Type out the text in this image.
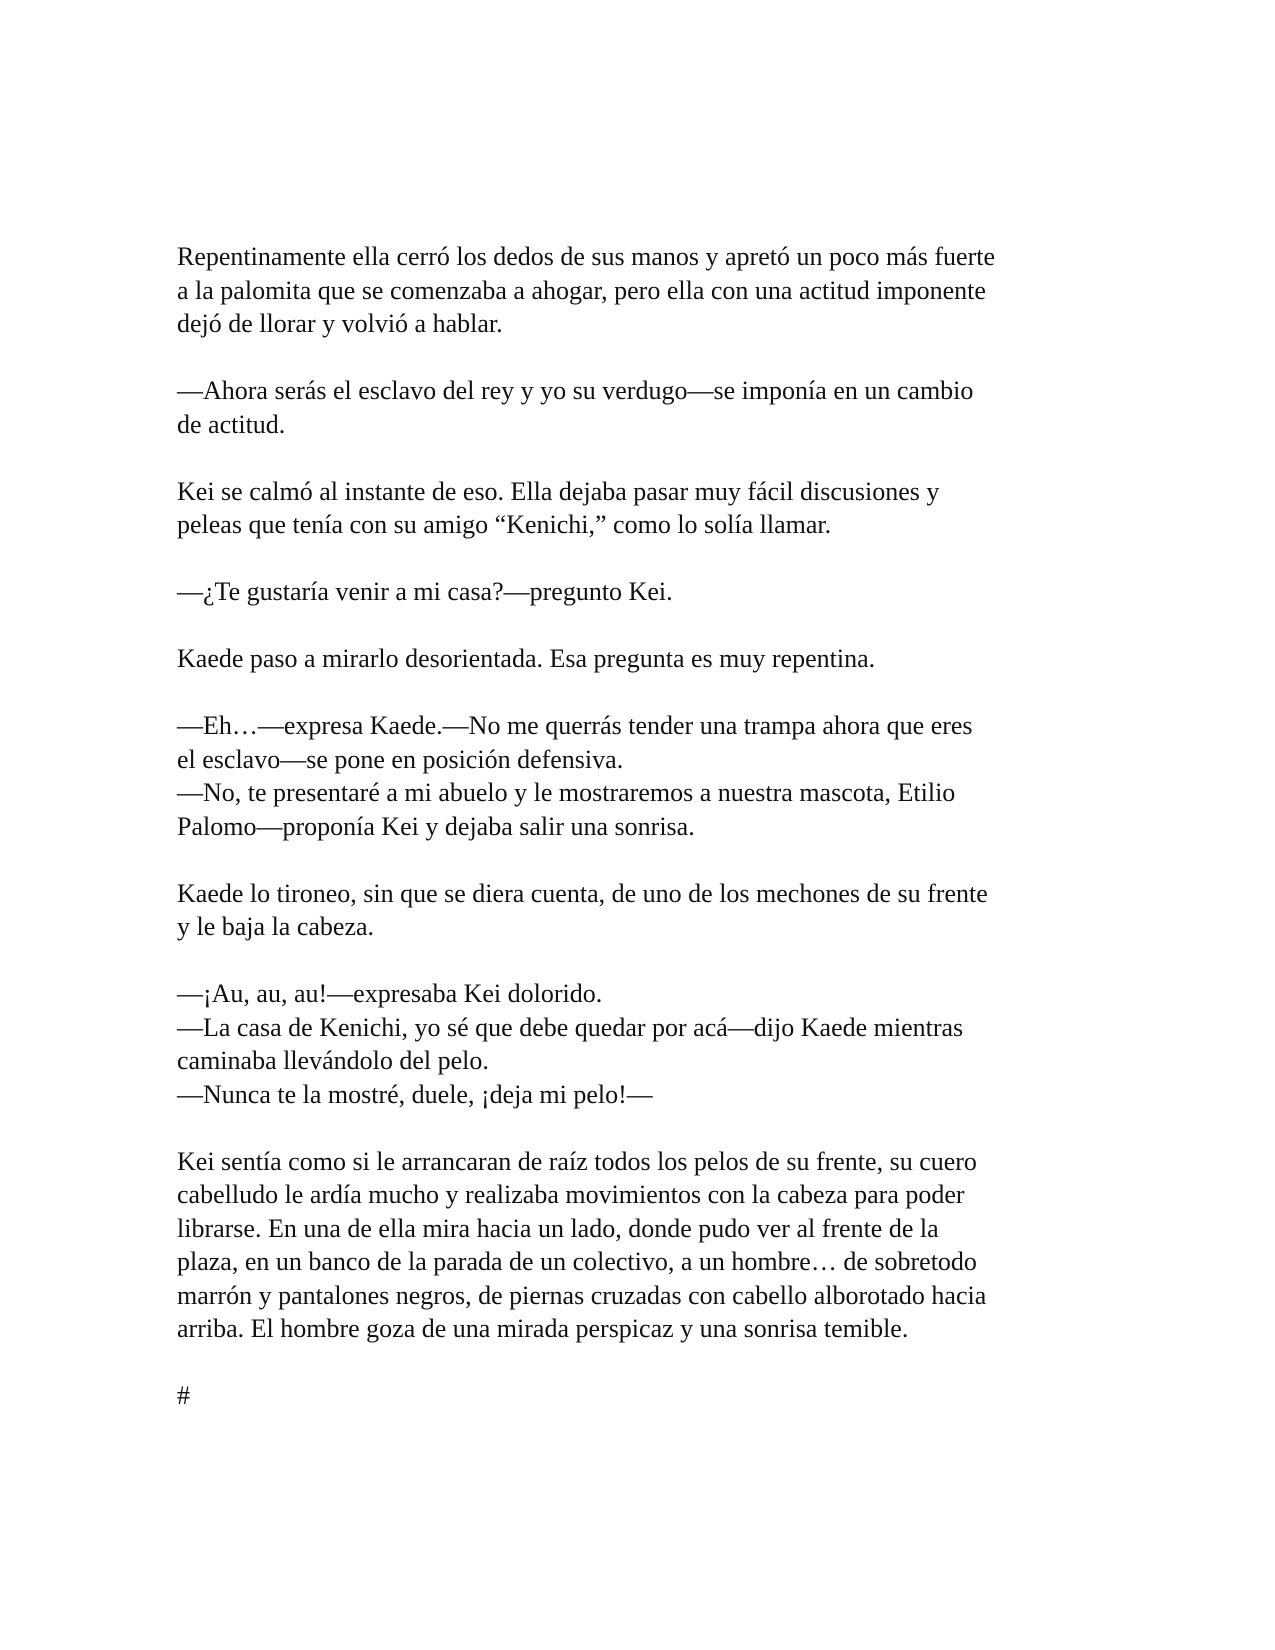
Repentinamente ella cerró los dedos de sus manos y apretó un poco más fuerte
a la palomita que se comenzaba a ahogar, pero ella con una actitud imponente
dejó de llorar y volvió a hablar.

—Ahora serás el esclavo del rey y yo su verdugo—se imponía en un cambio
de actitud.

Kei se calmó al instante de eso. Ella dejaba pasar muy fácil discusiones y
peleas que tenía con su amigo “Kenichi,” como lo solía llamar.

—¿Te gustaría venir a mi casa?—pregunto Kei.

Kaede paso a mirarlo desorientada. Esa pregunta es muy repentina.

—Eh…—expresa Kaede.—No me querrás tender una trampa ahora que eres
el esclavo—se pone en posición defensiva.

—No, te presentaré a mi abuelo y le mostraremos a nuestra mascota, Etilio
Palomo—proponía Kei y dejaba salir una sonrisa.

Kaede lo tironeo, sin que se diera cuenta, de uno de los mechones de su frente
y le baja la cabeza.

—¡Au, au, au!—expresaba Kei dolorido.

—La casa de Kenichi, yo sé que debe quedar por acá—dijo Kaede mientras
caminaba llevándolo del pelo.

—Nunca te la mostré, duele, ¡deja mi pelo!—

Kei sentía como si le arrancaran de raíz todos los pelos de su frente, su cuero
cabelludo le ardía mucho y realizaba movimientos con la cabeza para poder
librarse. En una de ella mira hacia un lado, donde pudo ver al frente de la
plaza, en un banco de la parada de un colectivo, a un hombre… de sobretodo
marrón y pantalones negros, de piernas cruzadas con cabello alborotado hacia
arriba. El hombre goza de una mirada perspicaz y una sonrisa temible.

#
